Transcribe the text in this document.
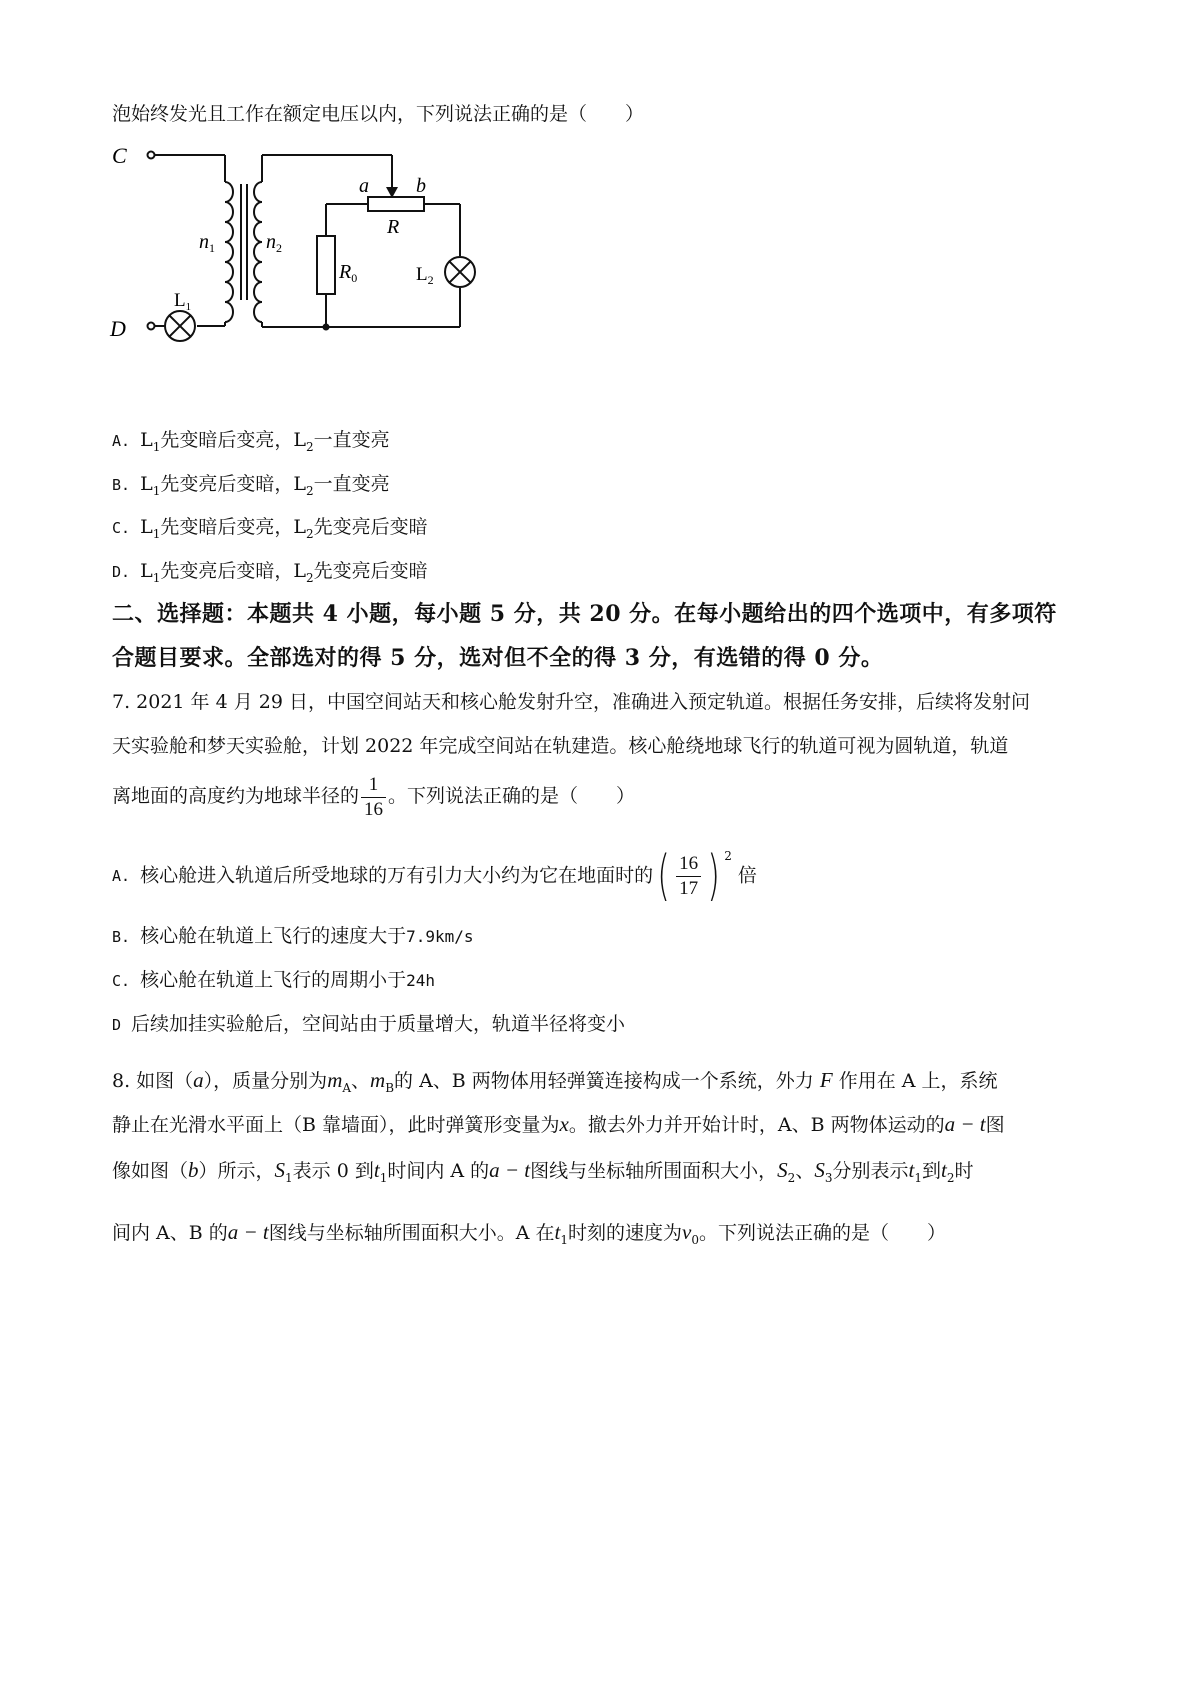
泡始终发光且工作在额定电压以内，下列说法正确的是（　　）
C
D
$n_1$	$n_2$
$L_1$
$L_2$
a b
R
$R_0$
A. $L_1$先变暗后变亮，$L_2$一直变亮
B. $L_1$先变亮后变暗，$L_2$一直变亮
C. $L_1$先变暗后变亮，$L_2$先变亮后变暗
D. $L_1$先变亮后变暗，$L_2$先变亮后变暗
二、选择题：本题共 4 小题，每小题 5 分，共 20 分。在每小题给出的四个选项中，有多项符
合题目要求。全部选对的得 5 分，选对但不全的得 3 分，有选错的得 0 分。
7. 2021 年 4 月 29 日，中国空间站天和核心舱发射升空，准确进入预定轨道。根据任务安排，后续将发射问
天实验舱和梦天实验舱，计划 2022 年完成空间站在轨建造。核心舱绕地球飞行的轨道可视为圆轨道，轨道
离地面的高度约为地球半径的 $\frac{1}{16}$ 。下列说法正确的是（　　）
A. 核心舱进入轨道后所受地球的万有引力大小约为它在地面时的( $\frac{16}{17}$ ) $^2$ 倍
B. 核心舱在轨道上飞行的速度大于7.9km/s
C. 核心舱在轨道上飞行的周期小于24h
D 后续加挂实验舱后，空间站由于质量增大，轨道半径将变小
8. 如图（a），质量分别为$m_A$、$m_B$的 A、B 两物体用轻弹簧连接构成一个系统，外力 F 作用在 A 上，系统
静止在光滑水平面上（B 靠墙面），此时弹簧形变量为x。撤去外力并开始计时，A、B 两物体运动的a − t图
像如图（b）所示，$S_1$表示 0 到$t_1$时间内 A 的a − t图线与坐标轴所围面积大小，$S_2$、$S_3$分别表示$t_1$到$t_2$时
间内 A、B 的a − t图线与坐标轴所围面积大小。A 在$t_1$时刻的速度为$v_0$。下列说法正确的是（　　）
